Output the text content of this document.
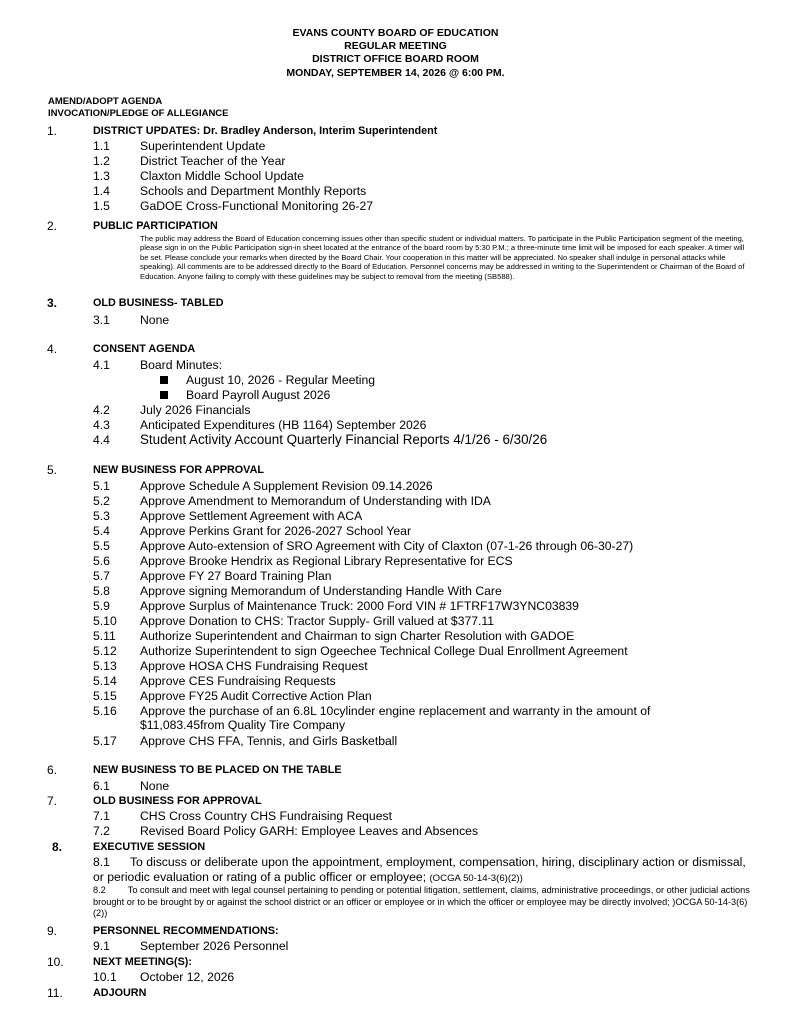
EVANS COUNTY BOARD OF EDUCATION
REGULAR MEETING
DISTRICT OFFICE BOARD ROOM
MONDAY, SEPTEMBER 14, 2026 @ 6:00 PM.
AMEND/ADOPT AGENDA
INVOCATION/PLEDGE OF ALLEGIANCE
1.	DISTRICT UPDATES: Dr. Bradley Anderson, Interim Superintendent
1.1 Superintendent Update
1.2 District Teacher of the Year
1.3 Claxton Middle School Update
1.4 Schools and Department Monthly Reports
1.5 GaDOE Cross-Functional Monitoring 26-27
2.	PUBLIC PARTICIPATION
The public may address the Board of Education concerning issues other than specific student or individual matters. To participate in the Public Participation segment of the meeting, please sign in on the Public Participation sign-in sheet located at the entrance of the board room by 5:30 P.M.; a three-minute time limit will be imposed for each speaker. A timer will be set. Please conclude your remarks when directed by the Board Chair. Your cooperation in this matter will be appreciated. No speaker shall indulge in personal attacks while speaking). All comments are to be addressed directly to the Board of Education. Personnel concerns may be addressed in writing to the Superintendent or Chairman of the Board of Education. Anyone failing to comply with these guidelines may be subject to removal from the meeting (SB588).
3.	OLD BUSINESS- TABLED
3.1 None
4.	CONSENT AGENDA
4.1 Board Minutes:
August 10, 2026 - Regular Meeting
Board Payroll August 2026
4.2 July 2026 Financials
4.3 Anticipated Expenditures (HB 1164) September 2026
4.4 Student Activity Account Quarterly Financial Reports 4/1/26 - 6/30/26
5.	NEW BUSINESS FOR APPROVAL
5.1 Approve Schedule A Supplement Revision 09.14.2026
5.2 Approve Amendment to Memorandum of Understanding with IDA
5.3 Approve Settlement Agreement with ACA
5.4 Approve Perkins Grant for 2026-2027 School Year
5.5 Approve Auto-extension of SRO Agreement with City of Claxton (07-1-26 through 06-30-27)
5.6 Approve Brooke Hendrix as Regional Library Representative for ECS
5.7 Approve FY 27 Board Training Plan
5.8 Approve signing Memorandum of Understanding Handle With Care
5.9 Approve Surplus of Maintenance Truck: 2000 Ford VIN # 1FTRF17W3YNC03839
5.10 Approve Donation to CHS: Tractor Supply- Grill valued at $377.11
5.11 Authorize Superintendent and Chairman to sign Charter Resolution with GADOE
5.12 Authorize Superintendent to sign Ogeechee Technical College Dual Enrollment Agreement
5.13 Approve HOSA CHS Fundraising Request
5.14 Approve CES Fundraising Requests
5.15 Approve FY25 Audit Corrective Action Plan
5.16 Approve the purchase of an 6.8L 10cylinder engine replacement and warranty in the amount of
$11,083.45from Quality Tire Company
5.17 Approve CHS FFA, Tennis, and Girls Basketball
6.	NEW BUSINESS TO BE PLACED ON THE TABLE
6.1 None
7.	OLD BUSINESS FOR APPROVAL
7.1 CHS Cross Country CHS Fundraising Request
7.2 Revised Board Policy GARH: Employee Leaves and Absences
8.	EXECUTIVE SESSION
8.1 To discuss or deliberate upon the appointment, employment, compensation, hiring, disciplinary action or dismissal, or periodic evaluation or rating of a public officer or employee; (OCGA 50-14-3(6)(2))
8.2 To consult and meet with legal counsel pertaining to pending or potential litigation, settlement, claims, administrative proceedings, or other judicial actions brought or to be brought by or against the school district or an officer or employee or in which the officer or employee may be directly involved; )OCGA 50-14-3(6)(2))
9.	PERSONNEL RECOMMENDATIONS:
9.1 September 2026 Personnel
10.	NEXT MEETING(S):
10.1 October 12, 2026
11.	ADJOURN
